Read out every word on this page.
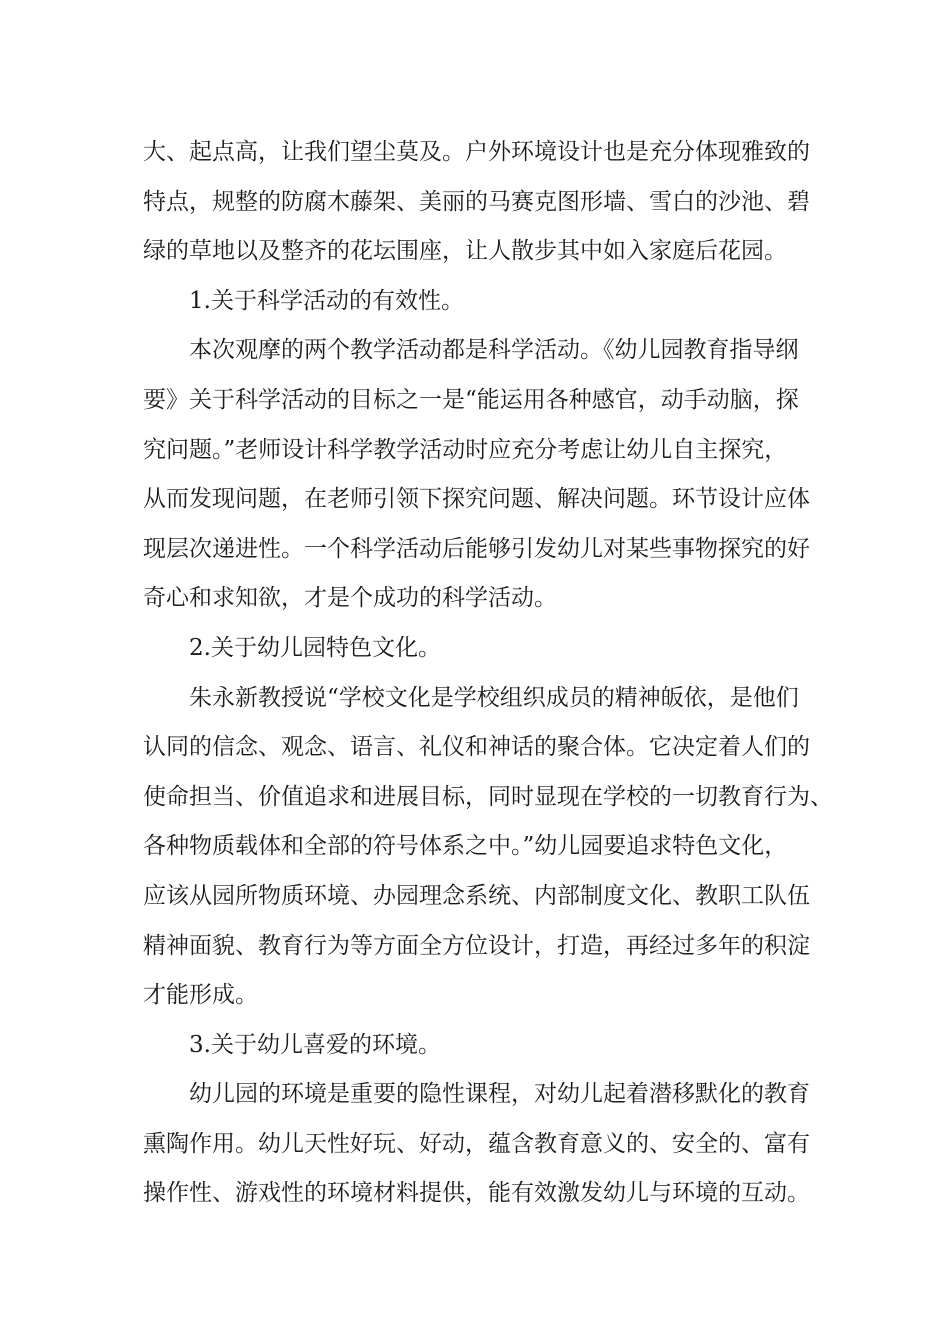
大、起点高，让我们望尘莫及。户外环境设计也是充分体现雅致的
特点，规整的防腐木藤架、美丽的马赛克图形墙、雪白的沙池、碧
绿的草地以及整齐的花坛围座，让人散步其中如入家庭后花园。
1.关于科学活动的有效性。
本次观摩的两个教学活动都是科学活动。《幼儿园教育指导纲
要》关于科学活动的目标之一是“能运用各种感官，动手动脑，探
究问题。”老师设计科学教学活动时应充分考虑让幼儿自主探究，
从而发现问题，在老师引领下探究问题、解决问题。环节设计应体
现层次递进性。一个科学活动后能够引发幼儿对某些事物探究的好
奇心和求知欲，才是个成功的科学活动。
2.关于幼儿园特色文化。
朱永新教授说“学校文化是学校组织成员的精神皈依，是他们
认同的信念、观念、语言、礼仪和神话的聚合体。它决定着人们的
使命担当、价值追求和进展目标，同时显现在学校的一切教育行为、
各种物质载体和全部的符号体系之中。”幼儿园要追求特色文化，
应该从园所物质环境、办园理念系统、内部制度文化、教职工队伍
精神面貌、教育行为等方面全方位设计，打造，再经过多年的积淀
才能形成。
3.关于幼儿喜爱的环境。
幼儿园的环境是重要的隐性课程，对幼儿起着潜移默化的教育
熏陶作用。幼儿天性好玩、好动，蕴含教育意义的、安全的、富有
操作性、游戏性的环境材料提供，能有效激发幼儿与环境的互动。
